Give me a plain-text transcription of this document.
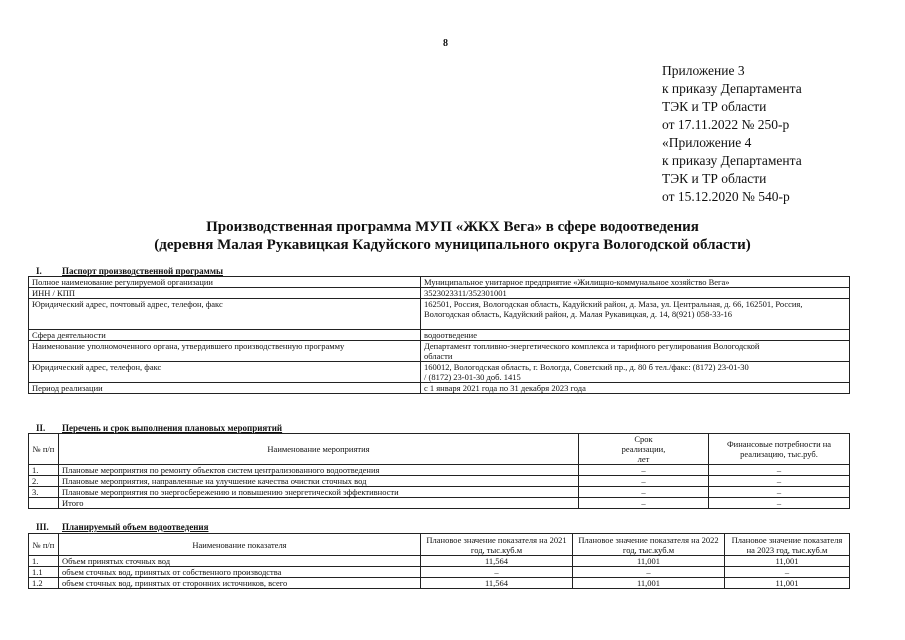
8
Приложение 3
к приказу Департамента
ТЭК и ТР области
от 17.11.2022 № 250-р
«Приложение 4
к приказу Департамента
ТЭК и ТР области
от 15.12.2020 № 540-р
Производственная программа МУП «ЖКХ Вега» в сфере водоотведения
(деревня Малая Рукавицкая Кадуйского муниципального округа Вологодской области)
I. Паспорт производственной программы
Полное наименование регулируемой организации	Муниципальное унитарное предприятие «Жилищно-коммунальное хозяйство Вега»
ИНН / КПП	3523023311/352301001
Юридический адрес, почтовый адрес, телефон, факс	162501, Россия, Вологодская область, Кадуйский район, д. Маза, ул. Центральная, д. 66, 162501, Россия, Вологодская область, Кадуйский район, д. Малая Рукавицкая, д. 14, 8(921) 058-33-16
Сфера деятельности	водоотведение
Наименование уполномоченного органа, утвердившего производственную программу	Департамент топливно-энергетического комплекса и тарифного регулирования Вологодской области
Юридический адрес, телефон, факс	160012, Вологодская область, г. Вологда, Советский пр., д. 80 б тел./факс: (8172) 23-01-30 / (8172) 23-01-30 доб. 1415
Период реализации	с 1 января 2021 года по 31 декабря 2023 года
II. Перечень и срок выполнения плановых мероприятий
№ п/п	Наименование мероприятия	Срок реализации, лет	Финансовые потребности на реализацию, тыс.руб.
1.	Плановые мероприятия по ремонту объектов систем централизованного водоотведения	–	–
2.	Плановые мероприятия, направленные на улучшение качества очистки сточных вод	–	–
3.	Плановые мероприятия по энергосбережению и повышению энергетической эффективности	–	–
	Итого	–	–
III. Планируемый объем водоотведения
№ п/п	Наименование показателя	Плановое значение показателя на 2021 год, тыс.куб.м	Плановое значение показателя на 2022 год, тыс.куб.м	Плановое значение показателя на 2023 год, тыс.куб.м
1.	Объем принятых сточных вод	11,564	11,001	11,001
1.1	объем сточных вод, принятых от собственного производства	–	–	–
1.2	объем сточных вод, принятых от сторонних источников, всего	11,564	11,001	11,001
